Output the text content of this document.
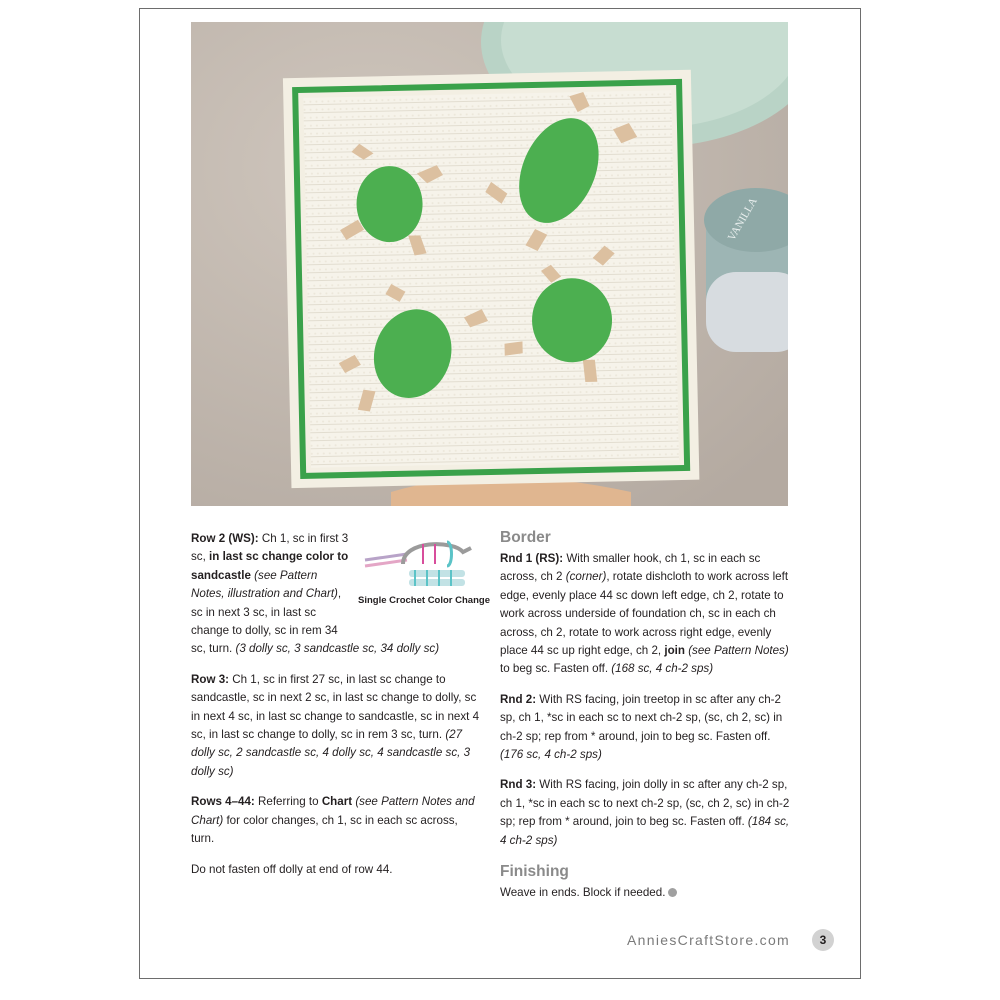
VANILLA
Single Crochet Color Change

Row 2 (WS): Ch 1, sc in first 3 sc, in last sc change color to sandcastle (see Pattern Notes, illustration and Chart), sc in next 3 sc, in last sc change to dolly, sc in rem 34 sc, turn. (3 dolly sc, 3 sandcastle sc, 34 dolly sc)

Row 3: Ch 1, sc in first 27 sc, in last sc change to sandcastle, sc in next 2 sc, in last sc change to dolly, sc in next 4 sc, in last sc change to sandcastle, sc in next 4 sc, in last sc change to dolly, sc in rem 3 sc, turn. (27 dolly sc, 2 sandcastle sc, 4 dolly sc, 4 sandcastle sc, 3 dolly sc)

Rows 4–44: Referring to Chart (see Pattern Notes and Chart) for color changes, ch 1, sc in each sc across, turn.

Do not fasten off dolly at end of row 44.

Border

Rnd 1 (RS): With smaller hook, ch 1, sc in each sc across, ch 2 (corner), rotate dishcloth to work across left edge, evenly place 44 sc down left edge, ch 2, rotate to work across underside of foundation ch, sc in each ch across, ch 2, rotate to work across right edge, evenly place 44 sc up right edge, ch 2, join (see Pattern Notes) to beg sc. Fasten off. (168 sc, 4 ch-2 sps)

Rnd 2: With RS facing, join treetop in sc after any ch-2 sp, ch 1, *sc in each sc to next ch-2 sp, (sc, ch 2, sc) in ch-2 sp; rep from * around, join to beg sc. Fasten off. (176 sc, 4 ch-2 sps)

Rnd 3: With RS facing, join dolly in sc after any ch-2 sp, ch 1, *sc in each sc to next ch-2 sp, (sc, ch 2, sc) in ch-2 sp; rep from * around, join to beg sc. Fasten off. (184 sc, 4 ch-2 sps)

Finishing
Weave in ends. Block if needed.
AnniesCraftStore.com	3
